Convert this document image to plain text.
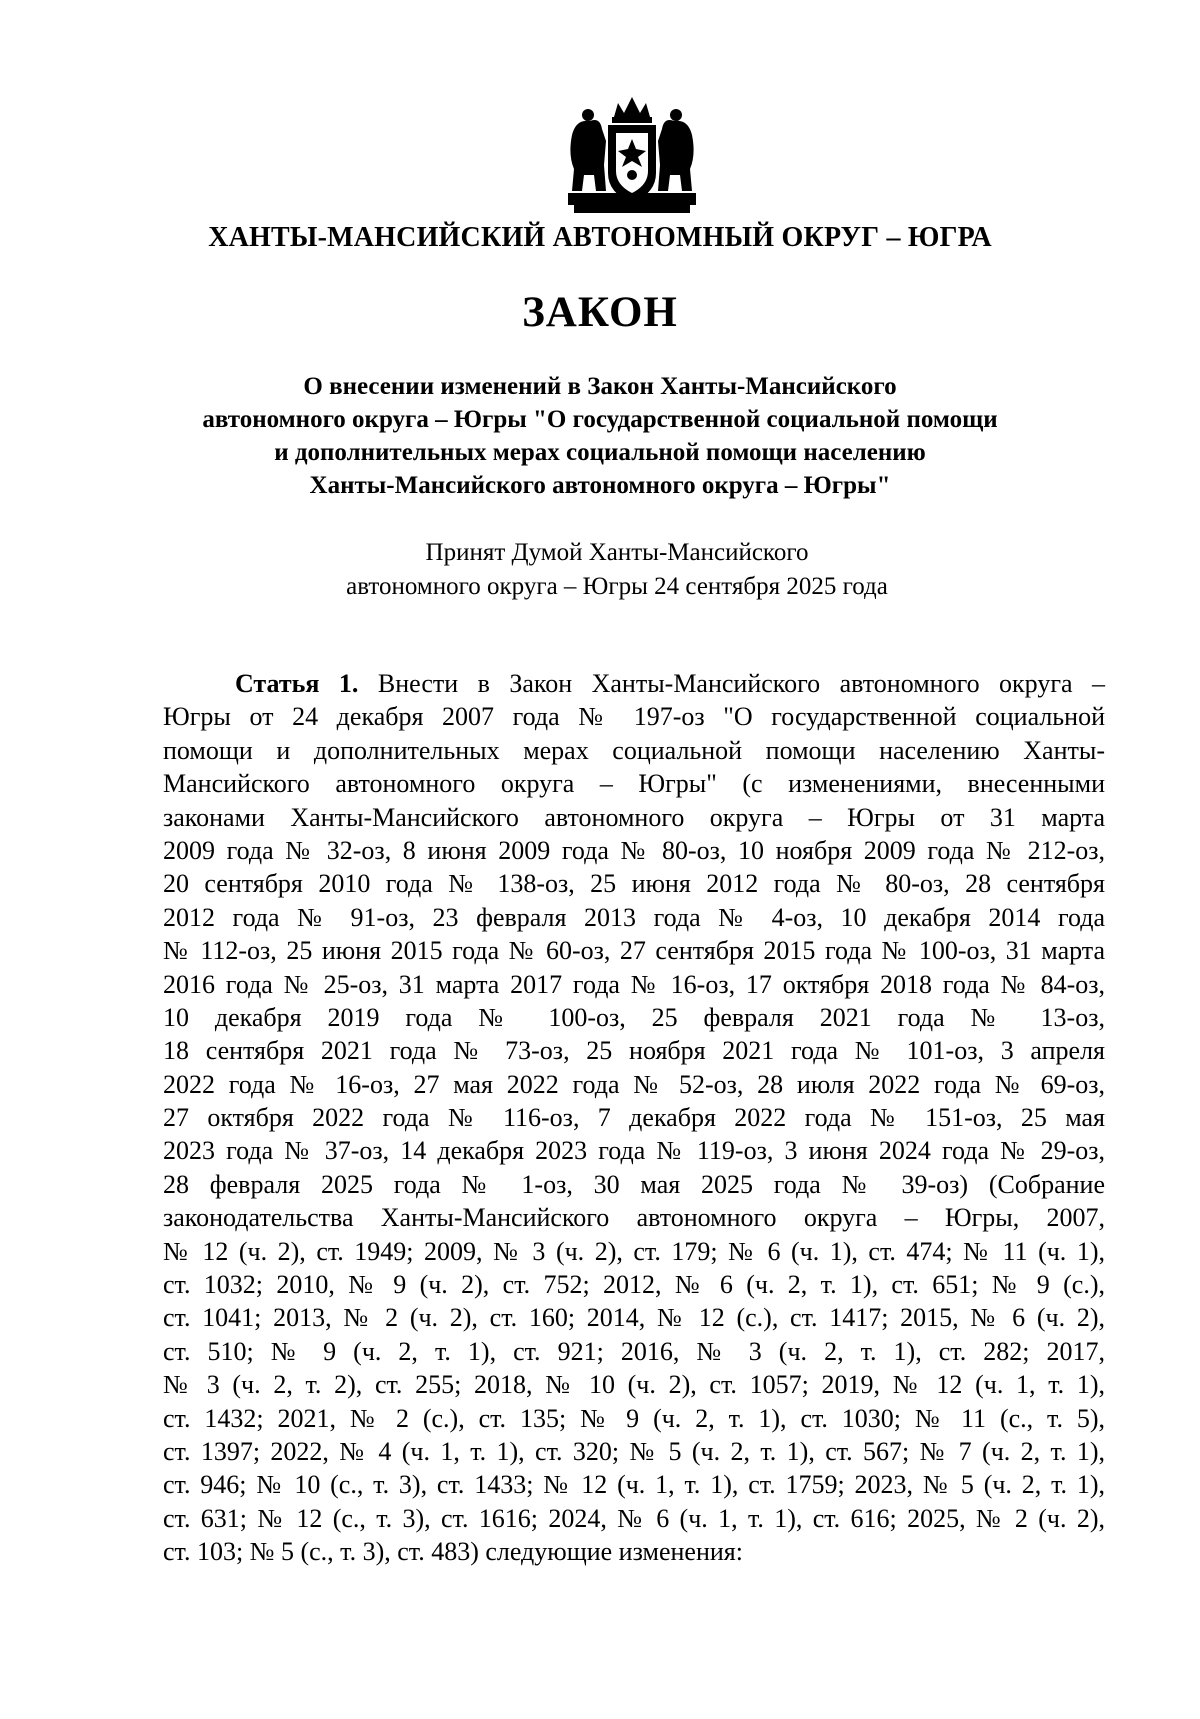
ХАНТЫ-МАНСИЙСКИЙ АВТОНОМНЫЙ ОКРУГ – ЮГРА
ЗАКОН
О внесении изменений в Закон Ханты-Мансийского
автономного округа – Югры "О государственной социальной помощи
и дополнительных мерах социальной помощи населению
Ханты-Мансийского автономного округа – Югры"
Принят Думой Ханты-Мансийского
автономного округа – Югры 24 сентября 2025 года
Статья 1. Внести в Закон Ханты-Мансийского автономного округа –
Югры от 24 декабря 2007 года № 197-оз "О государственной социальной
помощи и дополнительных мерах социальной помощи населению Ханты-
Мансийского автономного округа – Югры" (с изменениями, внесенными
законами Ханты-Мансийского автономного округа – Югры от 31 марта
2009 года № 32-оз, 8 июня 2009 года № 80-оз, 10 ноября 2009 года № 212-оз,
20 сентября 2010 года № 138-оз, 25 июня 2012 года № 80-оз, 28 сентября
2012 года № 91-оз, 23 февраля 2013 года № 4-оз, 10 декабря 2014 года
№ 112-оз, 25 июня 2015 года № 60-оз, 27 сентября 2015 года № 100-оз, 31 марта
2016 года № 25-оз, 31 марта 2017 года № 16-оз, 17 октября 2018 года № 84-оз,
10 декабря 2019 года № 100-оз, 25 февраля 2021 года № 13-оз,
18 сентября 2021 года № 73-оз, 25 ноября 2021 года № 101-оз, 3 апреля
2022 года № 16-оз, 27 мая 2022 года № 52-оз, 28 июля 2022 года № 69-оз,
27 октября 2022 года № 116-оз, 7 декабря 2022 года № 151-оз, 25 мая
2023 года № 37-оз, 14 декабря 2023 года № 119-оз, 3 июня 2024 года № 29-оз,
28 февраля 2025 года № 1-оз, 30 мая 2025 года № 39-оз) (Собрание
законодательства Ханты-Мансийского автономного округа – Югры, 2007,
№ 12 (ч. 2), ст. 1949; 2009, № 3 (ч. 2), ст. 179; № 6 (ч. 1), ст. 474; № 11 (ч. 1),
ст. 1032; 2010, № 9 (ч. 2), ст. 752; 2012, № 6 (ч. 2, т. 1), ст. 651; № 9 (с.),
ст. 1041; 2013, № 2 (ч. 2), ст. 160; 2014, № 12 (с.), ст. 1417; 2015, № 6 (ч. 2),
ст. 510; № 9 (ч. 2, т. 1), ст. 921; 2016, № 3 (ч. 2, т. 1), ст. 282; 2017,
№ 3 (ч. 2, т. 2), ст. 255; 2018, № 10 (ч. 2), ст. 1057; 2019, № 12 (ч. 1, т. 1),
ст. 1432; 2021, № 2 (с.), ст. 135; № 9 (ч. 2, т. 1), ст. 1030; № 11 (с., т. 5),
ст. 1397; 2022, № 4 (ч. 1, т. 1), ст. 320; № 5 (ч. 2, т. 1), ст. 567; № 7 (ч. 2, т. 1),
ст. 946; № 10 (с., т. 3), ст. 1433; № 12 (ч. 1, т. 1), ст. 1759; 2023, № 5 (ч. 2, т. 1),
ст. 631; № 12 (с., т. 3), ст. 1616; 2024, № 6 (ч. 1, т. 1), ст. 616; 2025, № 2 (ч. 2),
ст. 103; № 5 (с., т. 3), ст. 483) следующие изменения:
